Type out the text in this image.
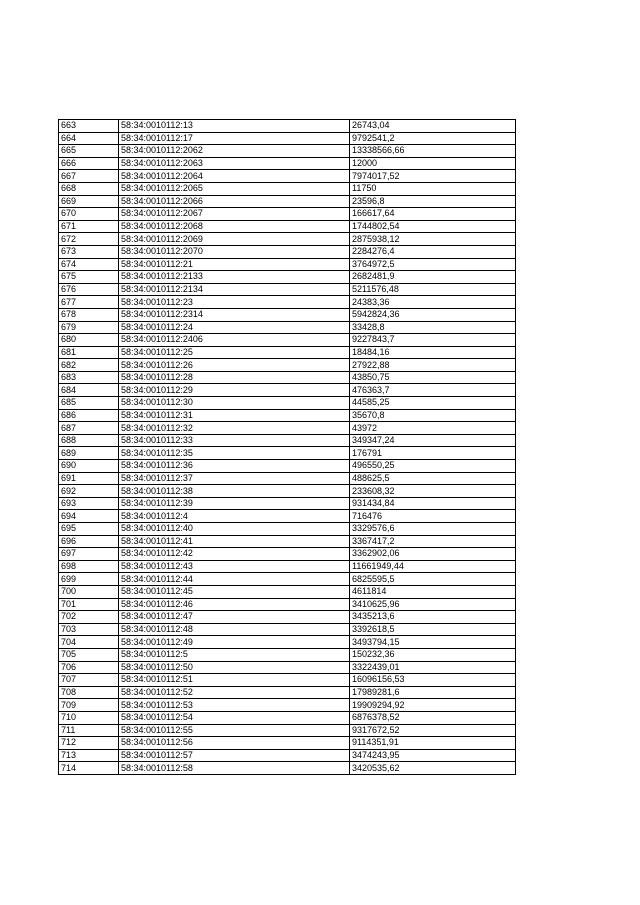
663	58:34:0010112:13	26743,04
664	58:34:0010112:17	9792541,2
665	58:34:0010112:2062	13338566,66
666	58:34:0010112:2063	12000
667	58:34:0010112:2064	7974017,52
668	58:34:0010112:2065	11750
669	58:34:0010112:2066	23596,8
670	58:34:0010112:2067	166617,64
671	58:34:0010112:2068	1744802,54
672	58:34:0010112:2069	2875938,12
673	58:34:0010112:2070	2284276,4
674	58:34:0010112:21	3764972,5
675	58:34:0010112:2133	2682481,9
676	58:34:0010112:2134	5211576,48
677	58:34:0010112:23	24383,36
678	58:34:0010112:2314	5942824,36
679	58:34:0010112:24	33428,8
680	58:34:0010112:2406	9227843,7
681	58:34:0010112:25	18484,16
682	58:34:0010112:26	27922,88
683	58:34:0010112:28	43850,75
684	58:34:0010112:29	476363,7
685	58:34:0010112:30	44585,25
686	58:34:0010112:31	35670,8
687	58:34:0010112:32	43972
688	58:34:0010112:33	349347,24
689	58:34:0010112:35	176791
690	58:34:0010112:36	496550,25
691	58:34:0010112:37	488625,5
692	58:34:0010112:38	233608,32
693	58:34:0010112:39	931434,84
694	58:34:0010112:4	716476
695	58:34:0010112:40	3329576,6
696	58:34:0010112:41	3367417,2
697	58:34:0010112:42	3362902,06
698	58:34:0010112:43	11661949,44
699	58:34:0010112:44	6825595,5
700	58:34:0010112:45	4611814
701	58:34:0010112:46	3410625,96
702	58:34:0010112:47	3435213,6
703	58:34:0010112:48	3392618,5
704	58:34:0010112:49	3493794,15
705	58:34:0010112:5	150232,36
706	58:34:0010112:50	3322439,01
707	58:34:0010112:51	16096156,53
708	58:34:0010112:52	17989281,6
709	58:34:0010112:53	19909294,92
710	58:34:0010112:54	6876378,52
711	58:34:0010112:55	9317672,52
712	58:34:0010112:56	9114351,91
713	58:34:0010112:57	3474243,95
714	58:34:0010112:58	3420535,62
